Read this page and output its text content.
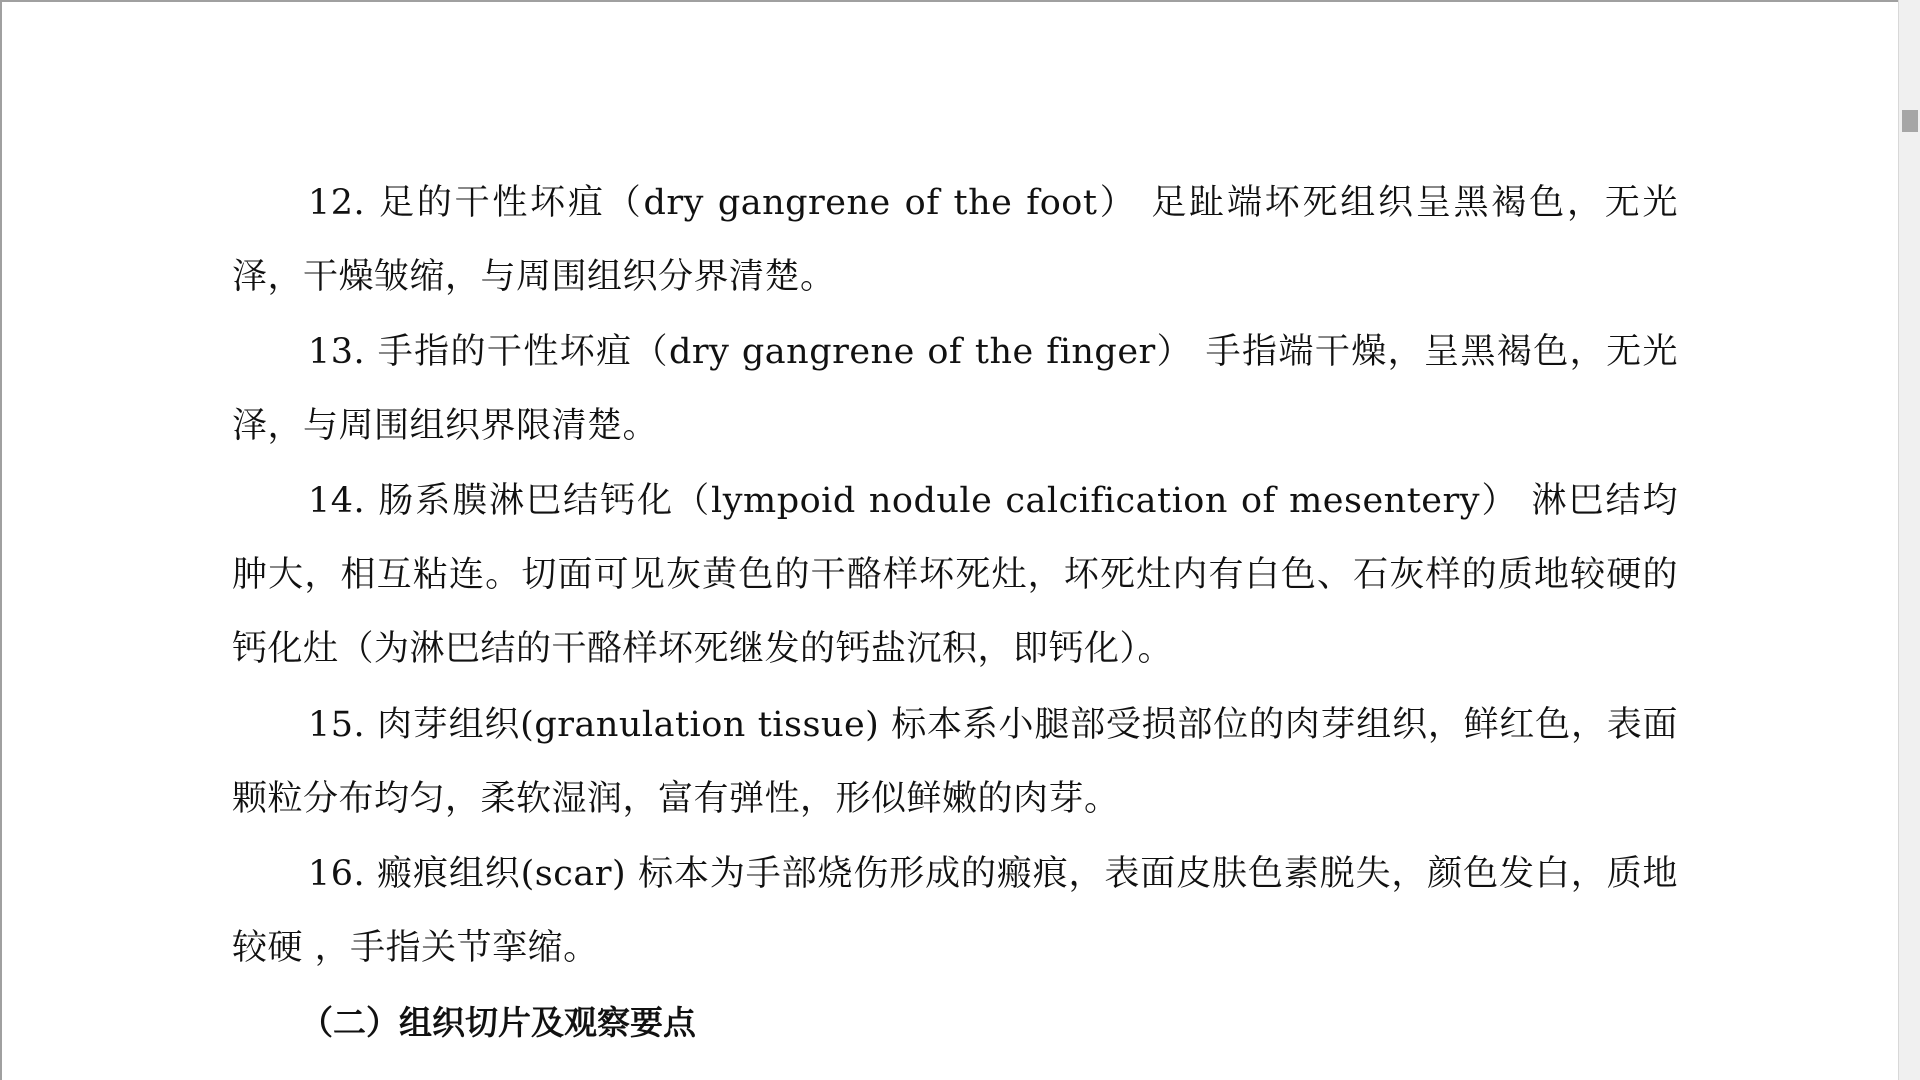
12. 足的干性坏疽（dry gangrene of the foot） 足趾端坏死组织呈黑褐色，无光泽，干燥皱缩，与周围组织分界清楚。
13. 手指的干性坏疽（dry gangrene of the finger） 手指端干燥，呈黑褐色，无光泽，与周围组织界限清楚。
14. 肠系膜淋巴结钙化（lympoid nodule calcification of mesentery） 淋巴结均肿大，相互粘连。切面可见灰黄色的干酪样坏死灶，坏死灶内有白色、石灰样的质地较硬的钙化灶（为淋巴结的干酪样坏死继发的钙盐沉积，即钙化）。
15. 肉芽组织(granulation tissue) 标本系小腿部受损部位的肉芽组织，鲜红色，表面颗粒分布均匀，柔软湿润，富有弹性，形似鲜嫩的肉芽。
16. 瘢痕组织(scar) 标本为手部烧伤形成的瘢痕，表面皮肤色素脱失，颜色发白，质地较硬 ，手指关节挛缩。
（二）组织切片及观察要点
